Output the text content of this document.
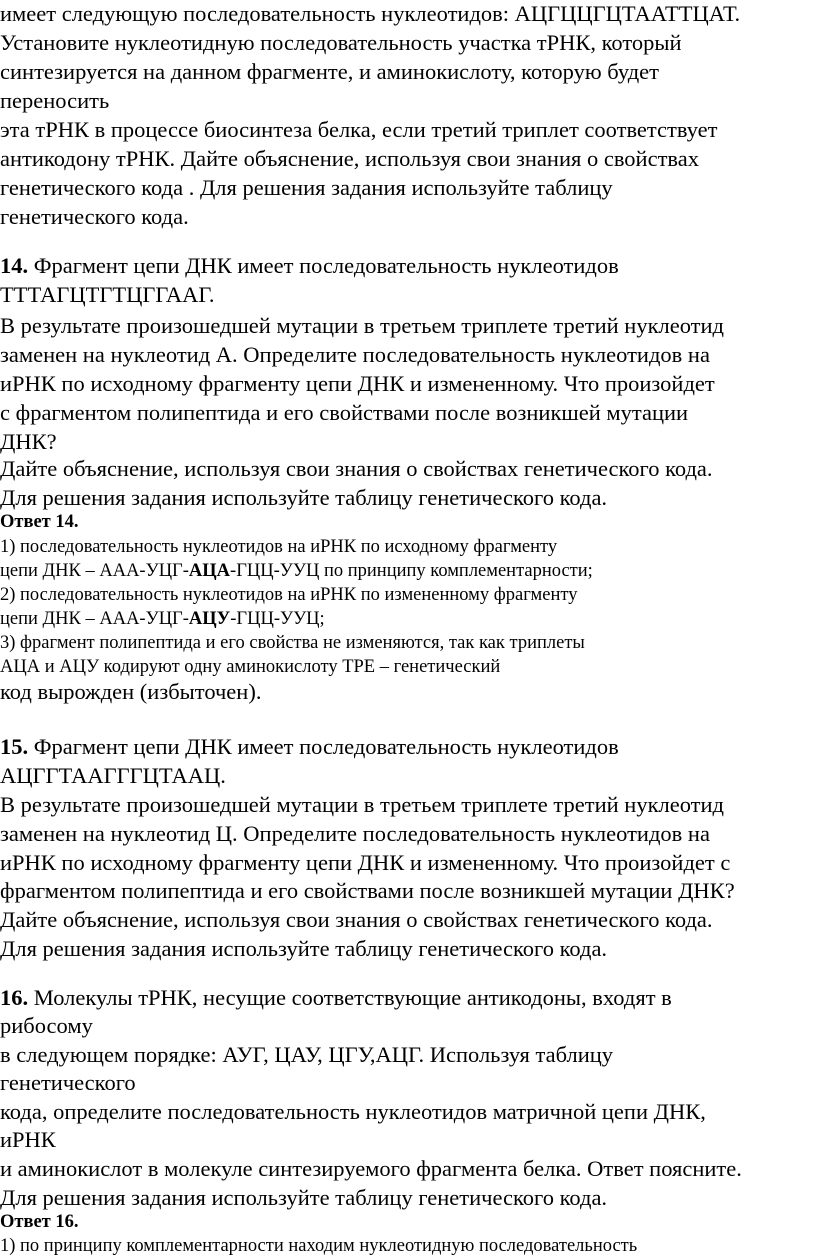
имеет следующую последовательность нуклеотидов: АЦГЦЦГЦТААТТЦАТ.
Установите нуклеотидную последовательность участка тРНК, который
синтезируется на данном фрагменте, и аминокислоту, которую будет
переносить
эта тРНК в процессе биосинтеза белка, если третий триплет соответствует
антикодону тРНК. Дайте объяснение, используя свои знания о свойствах
генетического кода . Для решения задания используйте таблицу
генетического кода.
14. Фрагмент цепи ДНК имеет последовательность нуклеотидов
ТТТАГЦТГТЦГГААГ.
В результате произошедшей мутации в третьем триплете третий нуклеотид
заменен на нуклеотид А. Определите последовательность нуклеотидов на
иРНК по исходному фрагменту цепи ДНК и измененному. Что произойдет
с фрагментом полипептида и его свойствами после возникшей мутации
ДНК?
Дайте объяснение, используя свои знания о свойствах генетического кода.
Для решения задания используйте таблицу генетического кода.
Ответ 14.
1) последовательность нуклеотидов на иРНК по исходному фрагменту
цепи ДНК – ААА-УЦГ-АЦА-ГЦЦ-УУЦ по принципу комплементарности;
2) последовательность нуклеотидов на иРНК по измененному фрагменту
цепи ДНК – ААА-УЦГ-АЦУ-ГЦЦ-УУЦ;
3) фрагмент полипептида и его свойства не изменяются, так как триплеты
АЦА и АЦУ кодируют одну аминокислоту ТРЕ – генетический
код вырожден (избыточен).
15. Фрагмент цепи ДНК имеет последовательность нуклеотидов
АЦГГТААГГГЦТААЦ.
В результате произошедшей мутации в третьем триплете третий нуклеотид
заменен на нуклеотид Ц. Определите последовательность нуклеотидов на
иРНК по исходному фрагменту цепи ДНК и измененному. Что произойдет с
фрагментом полипептида и его свойствами после возникшей мутации ДНК?
Дайте объяснение, используя свои знания о свойствах генетического кода.
Для решения задания используйте таблицу генетического кода.
16. Молекулы тРНК, несущие соответствующие антикодоны, входят в
рибосому
в следующем порядке: АУГ, ЦАУ, ЦГУ,АЦГ. Используя таблицу
генетического
кода, определите последовательность нуклеотидов матричной цепи ДНК,
иРНК
и аминокислот в молекуле синтезируемого фрагмента белка. Ответ поясните.
Для решения задания используйте таблицу генетического кода.
Ответ 16.
1) по принципу комплементарности находим нуклеотидную последовательность
